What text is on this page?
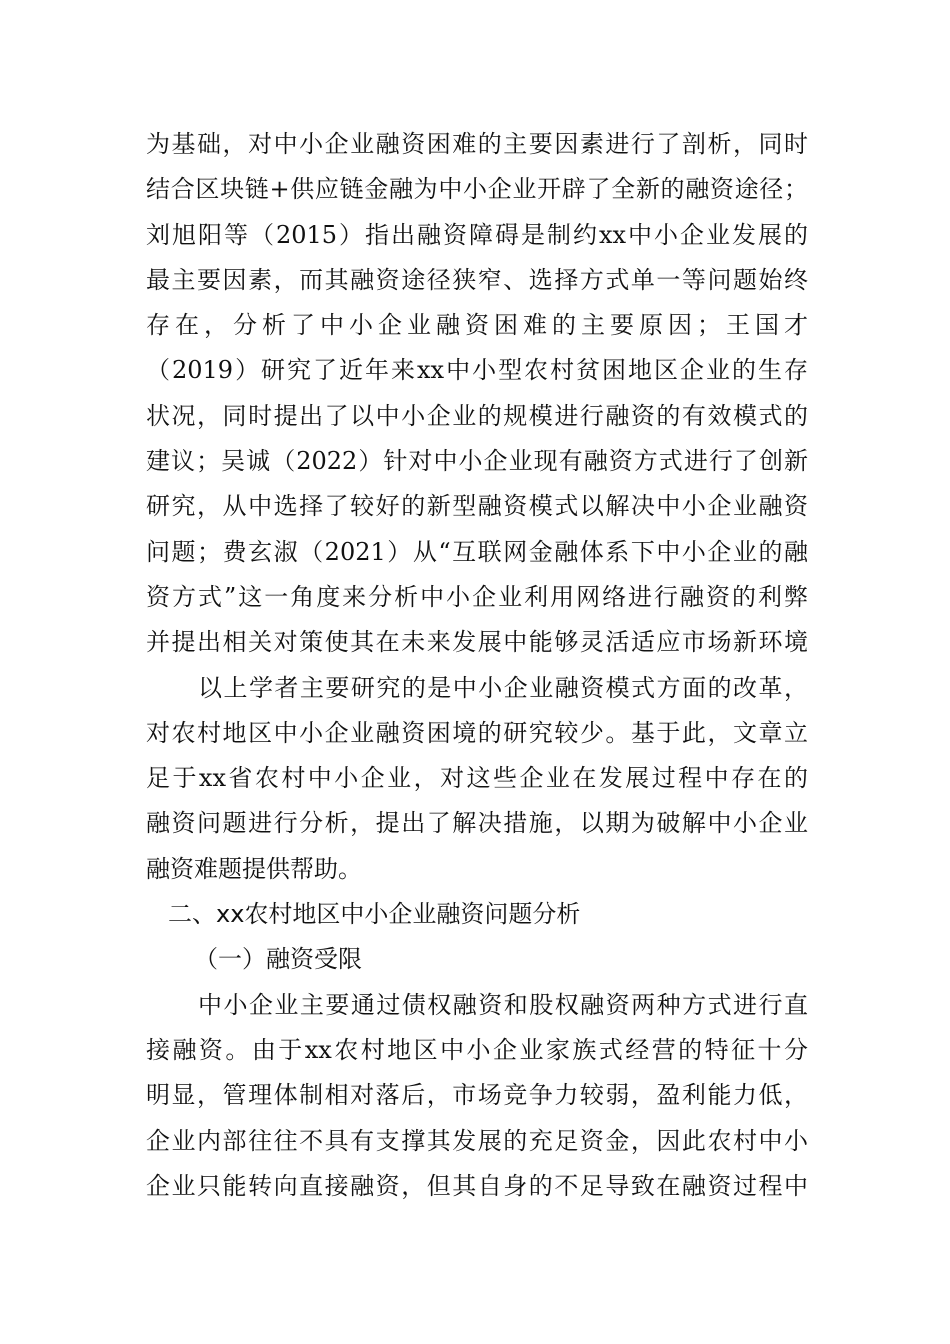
为基础，对中小企业融资困难的主要因素进行了剖析，同时
结合区块链+供应链金融为中小企业开辟了全新的融资途径；
刘旭阳等（2015）指出融资障碍是制约xx中小企业发展的
最主要因素，而其融资途径狭窄、选择方式单一等问题始终
存在，分析了中小企业融资困难的主要原因；王国才
（2019）研究了近年来xx中小型农村贫困地区企业的生存
状况，同时提出了以中小企业的规模进行融资的有效模式的
建议；吴诚（2022）针对中小企业现有融资方式进行了创新
研究，从中选择了较好的新型融资模式以解决中小企业融资
问题；费玄淑（2021）从“互联网金融体系下中小企业的融
资方式”这一角度来分析中小企业利用网络进行融资的利弊
并提出相关对策使其在未来发展中能够灵活适应市场新环境
以上学者主要研究的是中小企业融资模式方面的改革，
对农村地区中小企业融资困境的研究较少。基于此，文章立
足于xx省农村中小企业，对这些企业在发展过程中存在的
融资问题进行分析，提出了解决措施，以期为破解中小企业
融资难题提供帮助。
二、xx农村地区中小企业融资问题分析
（一）融资受限
中小企业主要通过债权融资和股权融资两种方式进行直
接融资。由于xx农村地区中小企业家族式经营的特征十分
明显，管理体制相对落后，市场竞争力较弱，盈利能力低，
企业内部往往不具有支撑其发展的充足资金，因此农村中小
企业只能转向直接融资，但其自身的不足导致在融资过程中
